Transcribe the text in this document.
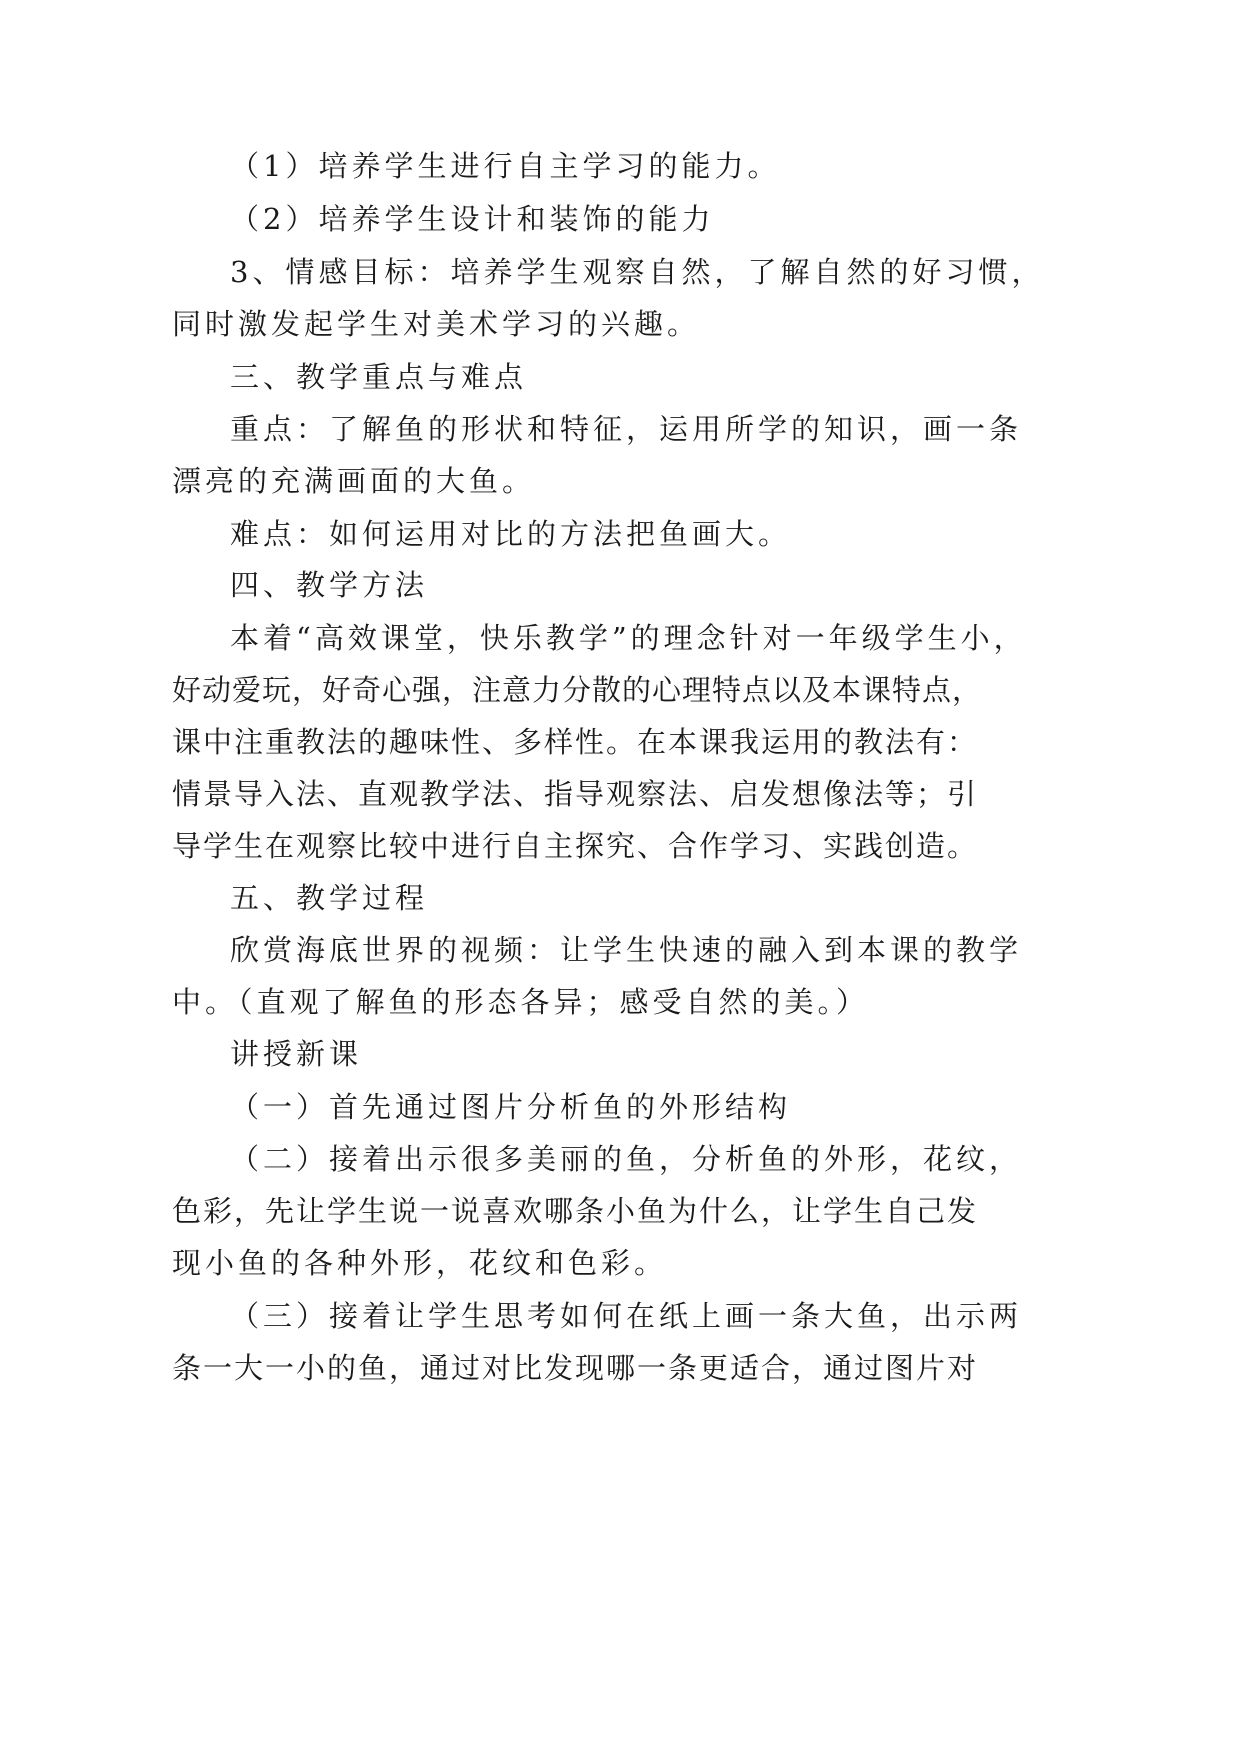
（1）培养学生进行自主学习的能力。
（2）培养学生设计和装饰的能力
3、情感目标：培养学生观察自然，了解自然的好习惯，
同时激发起学生对美术学习的兴趣。
三、教学重点与难点
重点：了解鱼的形状和特征，运用所学的知识，画一条
漂亮的充满画面的大鱼。
难点：如何运用对比的方法把鱼画大。
四、教学方法
本着“高效课堂，快乐教学”的理念针对一年级学生小，
好动爱玩，好奇心强，注意力分散的心理特点以及本课特点，
课中注重教法的趣味性、多样性。在本课我运用的教法有：
情景导入法、直观教学法、指导观察法、启发想像法等；引
导学生在观察比较中进行自主探究、合作学习、实践创造。
五、教学过程
欣赏海底世界的视频：让学生快速的融入到本课的教学
中。（直观了解鱼的形态各异；感受自然的美。）
讲授新课
（一）首先通过图片分析鱼的外形结构
（二）接着出示很多美丽的鱼，分析鱼的外形，花纹，
色彩，先让学生说一说喜欢哪条小鱼为什么，让学生自己发
现小鱼的各种外形，花纹和色彩。
（三）接着让学生思考如何在纸上画一条大鱼，出示两
条一大一小的鱼，通过对比发现哪一条更适合，通过图片对
